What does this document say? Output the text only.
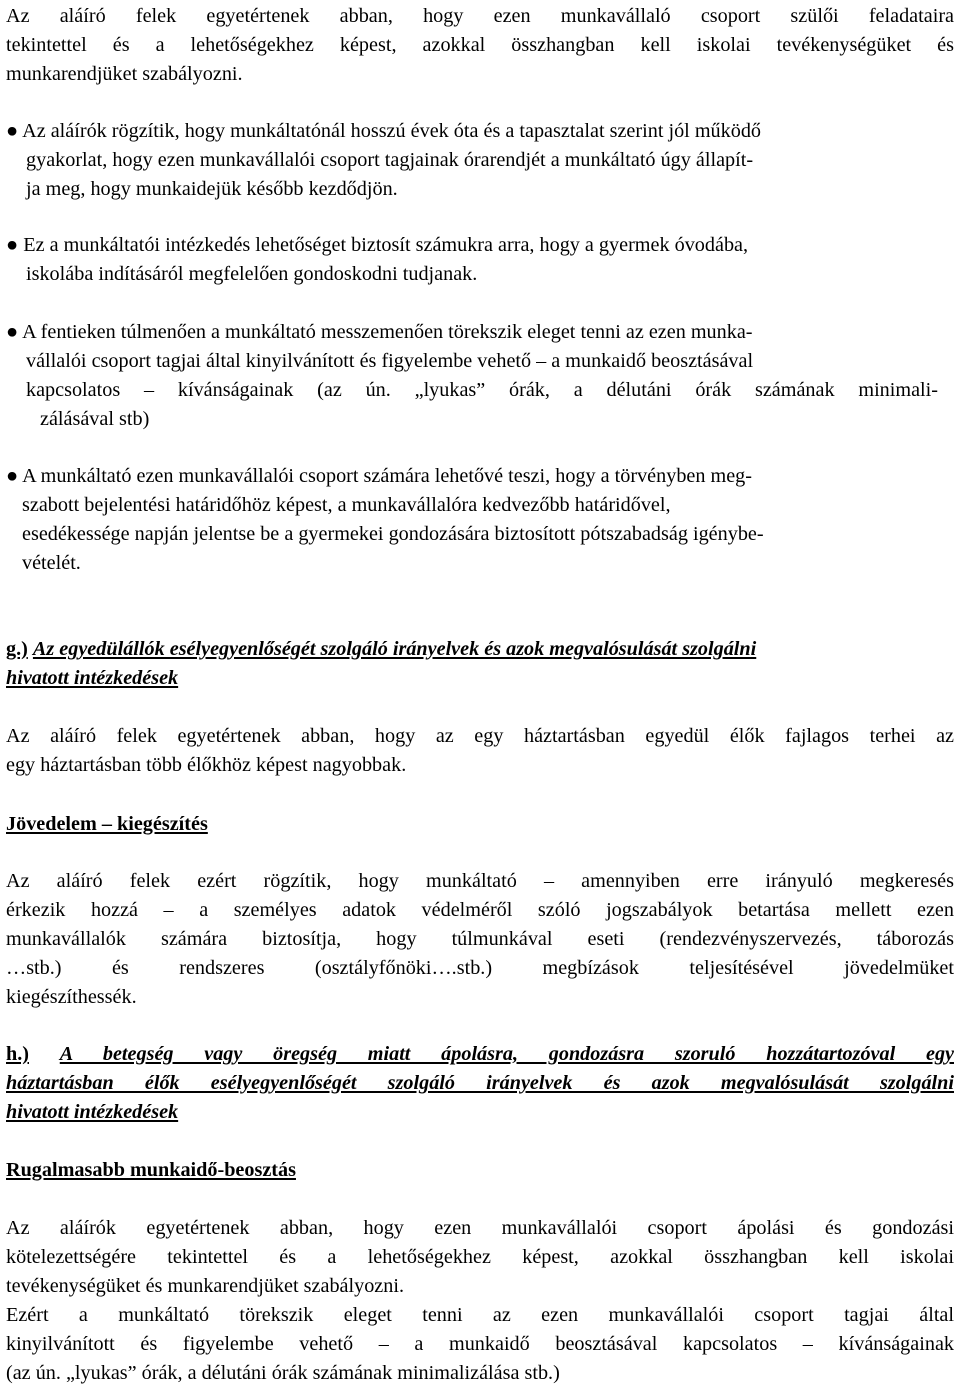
Az aláíró felek egyetértenek abban, hogy ezen munkavállaló csoport szülői feladataira
tekintettel és a lehetőségekhez képest, azokkal összhangban kell iskolai tevékenységüket és
munkarendjüket szabályozni.
● Az aláírók rögzítik, hogy munkáltatónál hosszú évek óta és a tapasztalat szerint jól működő
gyakorlat, hogy ezen munkavállalói csoport tagjainak órarendjét a munkáltató úgy állapít-
ja meg, hogy munkaidejük később kezdődjön.
● Ez a munkáltatói intézkedés lehetőséget biztosít számukra arra, hogy a gyermek óvodába,
iskolába indításáról megfelelően gondoskodni tudjanak.
● A fentieken túlmenően a munkáltató messzemenően törekszik eleget tenni az ezen munka-
vállalói csoport tagjai által kinyilvánított és figyelembe vehető – a munkaidő beosztásával
kapcsolatos – kívánságainak (az ún. „lyukas” órák, a délutáni órák számának minimali-
zálásával stb)
● A munkáltató ezen munkavállalói csoport számára lehetővé teszi, hogy a törvényben meg-
szabott bejelentési határidőhöz képest, a munkavállalóra kedvezőbb határidővel,
esedékessége napján jelentse be a gyermekei gondozására biztosított pótszabadság igénybe-
vételét.
g.) Az egyedülállók esélyegyenlőségét szolgáló irányelvek és azok megvalósulását szolgálni
hivatott intézkedések
Az aláíró felek egyetértenek abban, hogy az egy háztartásban egyedül élők fajlagos terhei az
egy háztartásban több élőkhöz képest nagyobbak.
Jövedelem – kiegészítés
Az aláíró felek ezért rögzítik, hogy munkáltató – amennyiben erre irányuló megkeresés
érkezik hozzá – a személyes adatok védelméről szóló jogszabályok betartása mellett ezen
munkavállalók számára biztosítja, hogy túlmunkával eseti (rendezvényszervezés, táborozás
…stb.) és rendszeres (osztályfőnöki….stb.) megbízások teljesítésével jövedelmüket
kiegészíthessék.
h.) A betegség vagy öregség miatt ápolásra, gondozásra szoruló hozzátartozóval egy
háztartásban élők esélyegyenlőségét szolgáló irányelvek és azok megvalósulását szolgálni
hivatott intézkedések
Rugalmasabb munkaidő-beosztás
Az aláírók egyetértenek abban, hogy ezen munkavállalói csoport ápolási és gondozási
kötelezettségére tekintettel és a lehetőségekhez képest, azokkal összhangban kell iskolai
tevékenységüket és munkarendjüket szabályozni.
Ezért a munkáltató törekszik eleget tenni az ezen munkavállalói csoport tagjai által
kinyilvánított és figyelembe vehető – a munkaidő beosztásával kapcsolatos – kívánságainak
(az ún. „lyukas” órák, a délutáni órák számának minimalizálása stb.)
